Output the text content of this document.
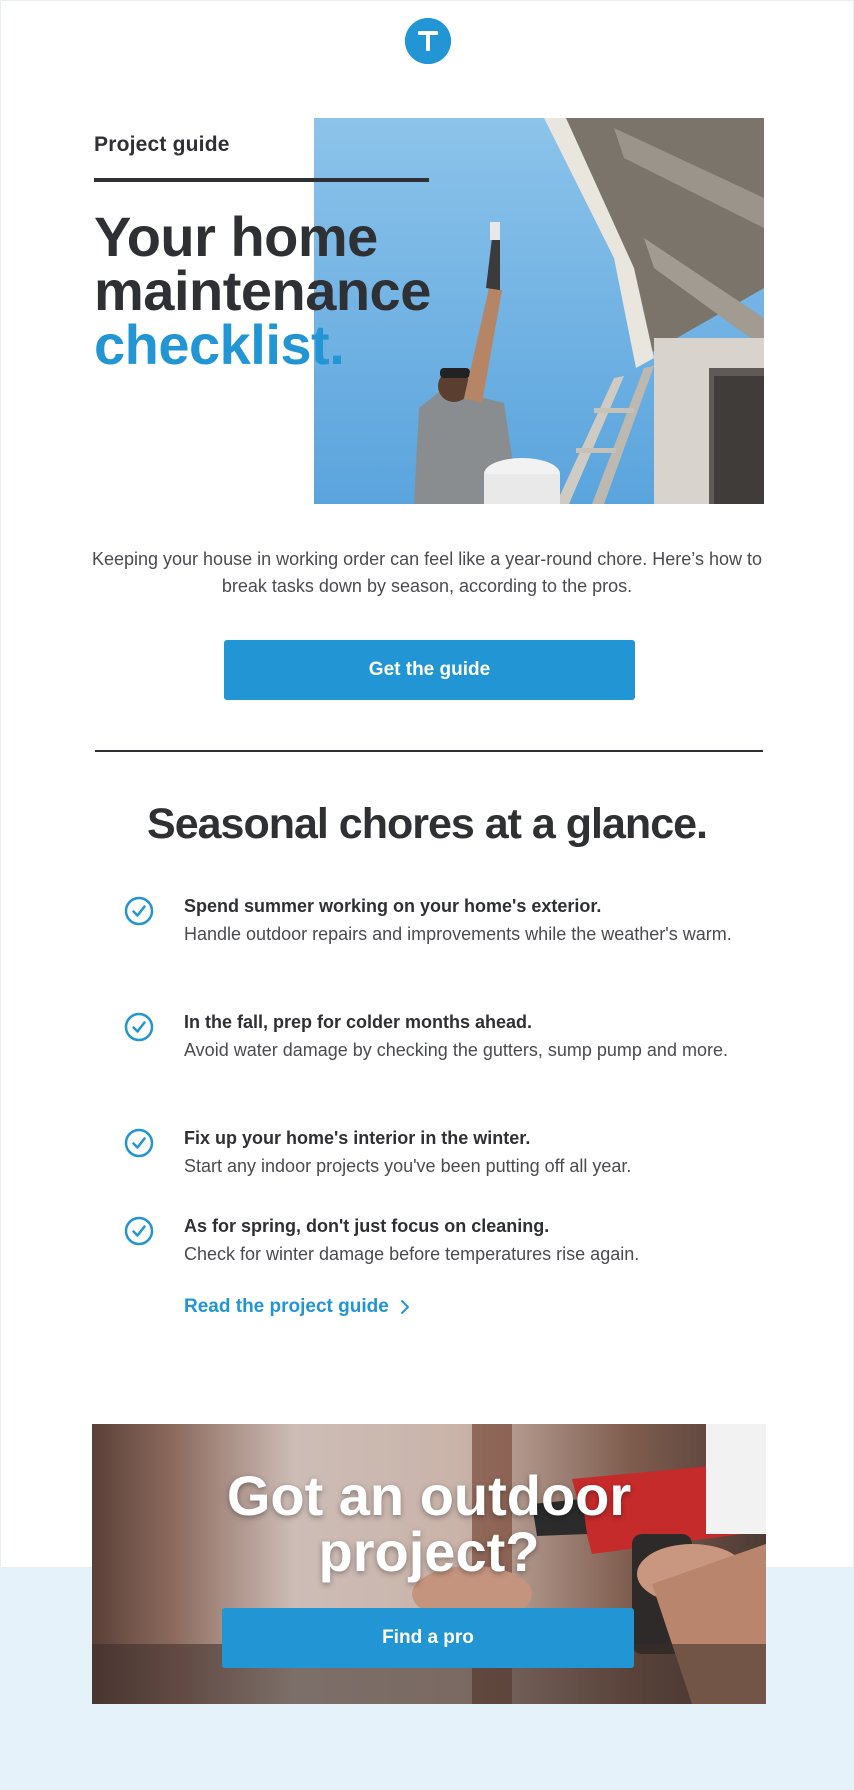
Project guide
Your home
maintenance
checklist.

Keeping your house in working order can feel like a year-round chore. Here’s how to break tasks down by season, according to the pros.

Get the guide
Seasonal chores at a glance.
Spend summer working on your home's exterior.
Handle outdoor repairs and improvements while the weather's warm.
In the fall, prep for colder months ahead.
Avoid water damage by checking the gutters, sump pump and more.
Fix up your home's interior in the winter.
Start any indoor projects you've been putting off all year.
As for spring, don't just focus on cleaning.
Check for winter damage before temperatures rise again.
Read the project guide
Got an outdoor
project?
Find a pro
